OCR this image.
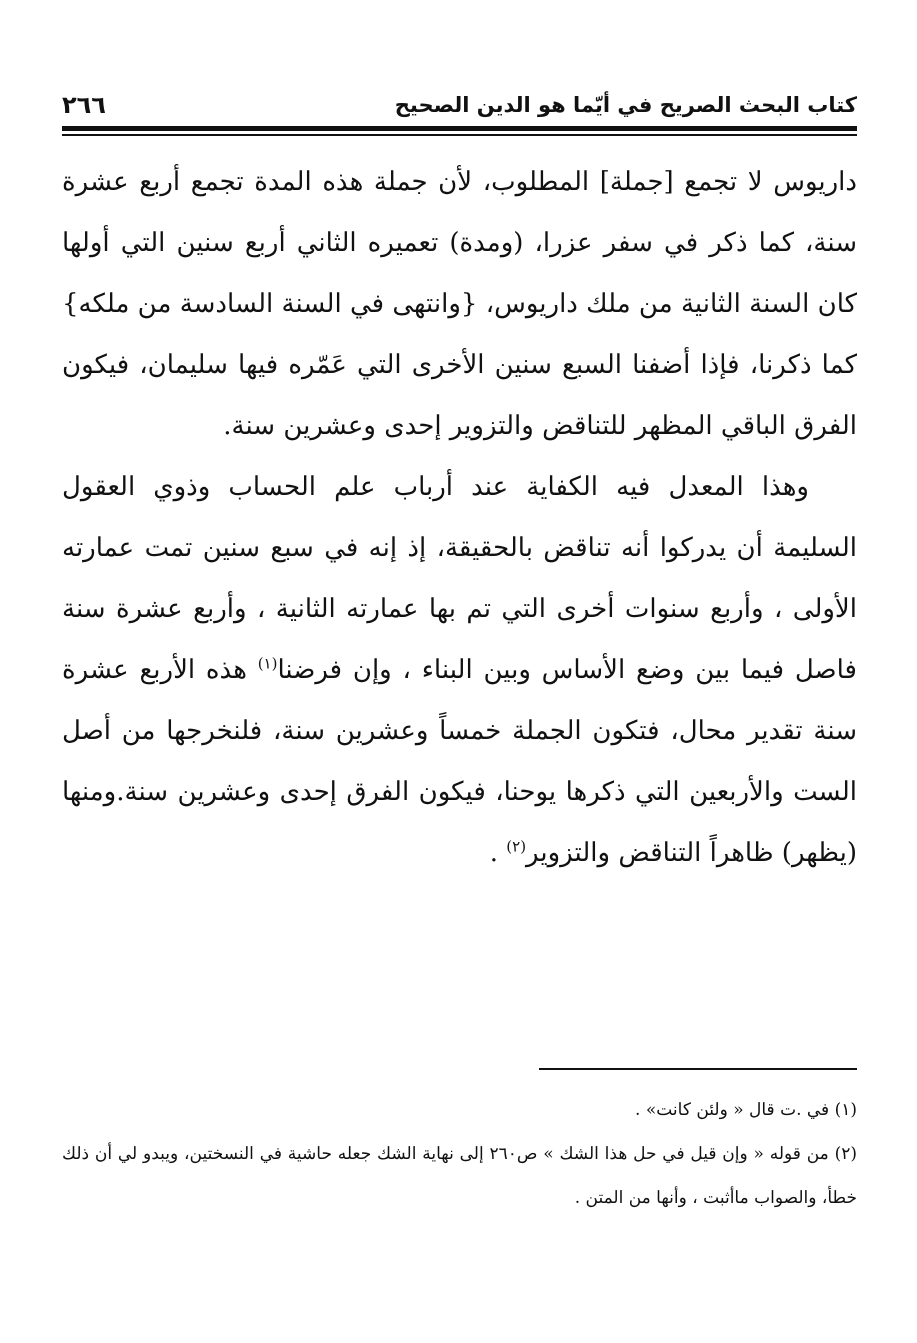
كتاب البحث الصريح في أيّما هو الدين الصحيح
٢٦٦

داريوس لا تجمع [جملة] المطلوب، لأن جملة هذه المدة تجمع أربع عشرة سنة، كما ذكر في سفر عزرا، (ومدة) تعميره الثاني أربع سنين التي أولها كان السنة الثانية من ملك داريوس، {وانتهى في السنة السادسة من ملكه} كما ذكرنا، فإذا أضفنا السبع سنين الأخرى التي عَمّره فيها سليمان، فيكون الفرق الباقي المظهر للتناقض والتزوير إحدى وعشرين سنة.

وهذا المعدل فيه الكفاية عند أرباب علم الحساب وذوي العقول السليمة أن يدركوا أنه تناقض بالحقيقة، إذ إنه في سبع سنين تمت عمارته الأولى ، وأربع سنوات أخرى التي تم بها عمارته الثانية ، وأربع عشرة سنة فاصل فيما بين وضع الأساس وبين البناء ، وإن فرضنا$^{(١)}$ هذه الأربع عشرة سنة تقدير محال، فتكون الجملة خمساً وعشرين سنة، فلنخرجها من أصل الست والأربعين التي ذكرها يوحنا، فيكون الفرق إحدى وعشرين سنة.ومنها (يظهر) ظاهراً التناقض والتزوير$^{(٢)}$ .

(١) في .ت قال « ولئن كانت» .

(٢) من قوله « وإن قيل في حل هذا الشك » ص٢٦٠ إلى نهاية الشك جعله حاشية في النسختين، ويبدو لي أن ذلك خطأ، والصواب ماأثبت ، وأنها من المتن .
